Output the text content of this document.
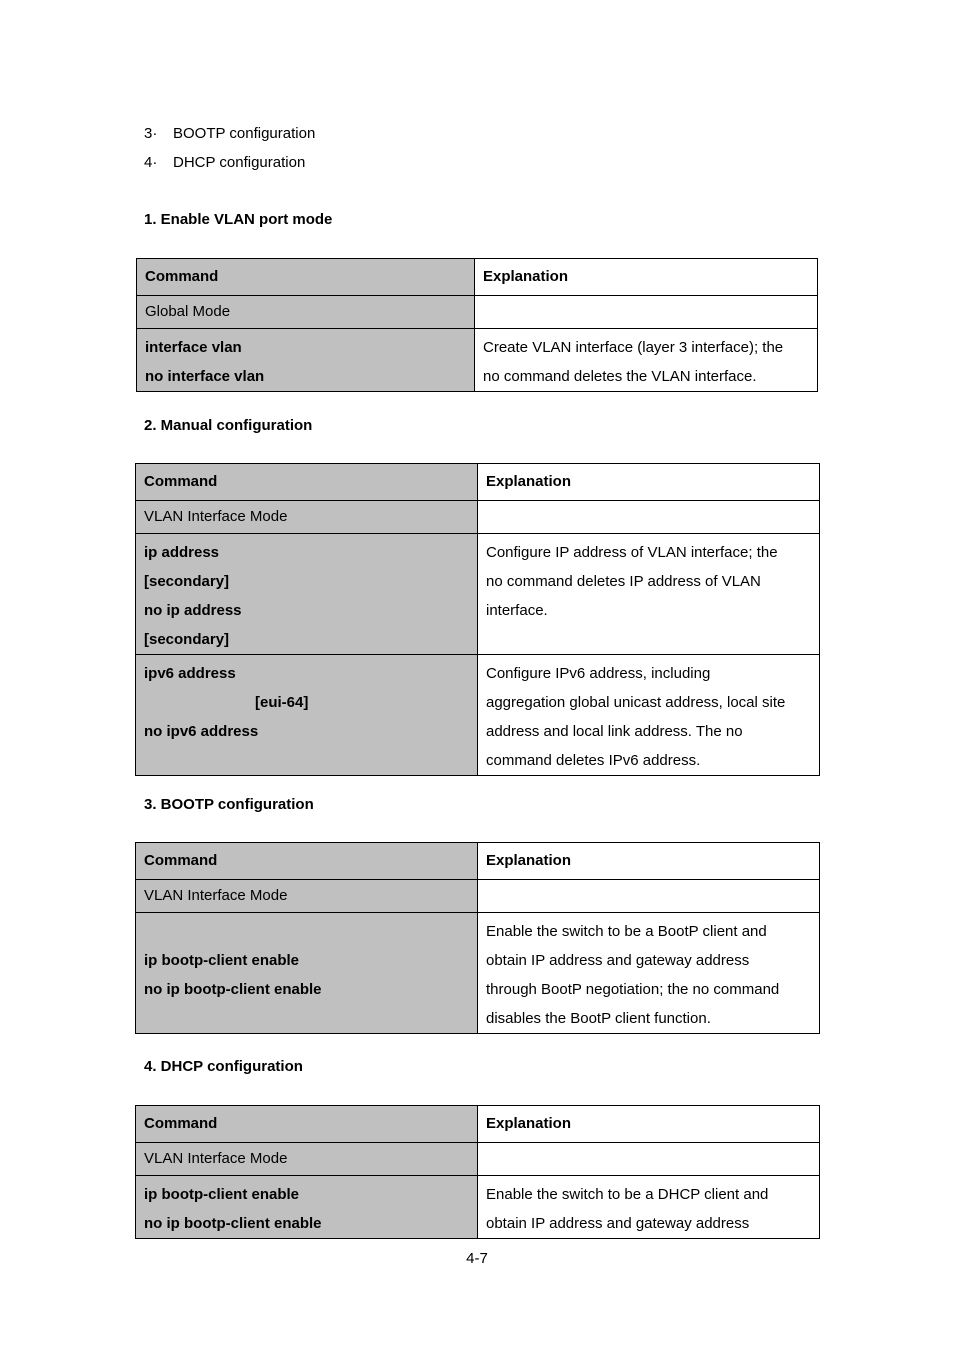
3· BOOTP configuration
4· DHCP configuration
1. Enable VLAN port mode
Command	Explanation
Global Mode	

interface vlan
no interface vlan	Create VLAN interface (layer 3 interface); the
no command deletes the VLAN interface.
2. Manual configuration
Command	Explanation
VLAN Interface Mode	

ip address
[secondary]
no ip address
[secondary]	Configure IP address of VLAN interface; the
no command deletes IP address of VLAN
interface.

ipv6 address
[eui-64]
no ipv6 address	Configure IPv6 address, including
aggregation global unicast address, local site
address and local link address. The no
command deletes IPv6 address.
3. BOOTP configuration
Command	Explanation
VLAN Interface Mode	

ip bootp-client enable
no ip bootp-client enable	Enable the switch to be a BootP client and
obtain IP address and gateway address
through BootP negotiation; the no command
disables the BootP client function.
4. DHCP configuration
Command	Explanation
VLAN Interface Mode	

ip bootp-client enable
no ip bootp-client enable	Enable the switch to be a DHCP client and
obtain IP address and gateway address
4-7
